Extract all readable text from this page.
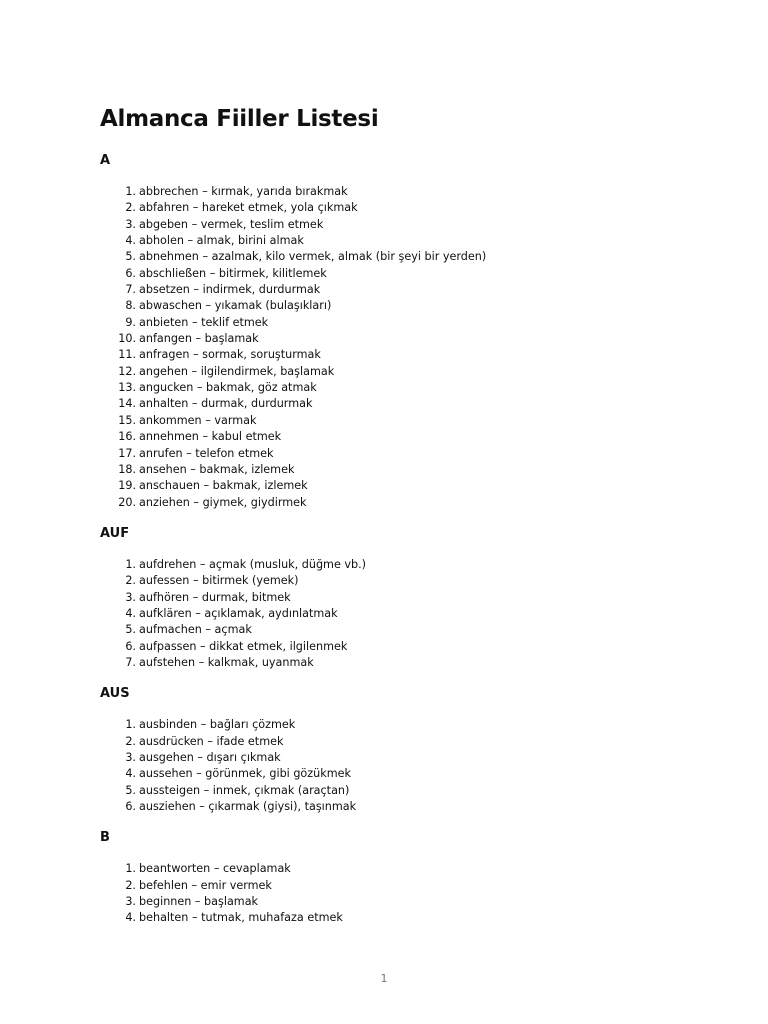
Almanca Fiiller Listesi
A
1. abbrechen – kırmak, yarıda bırakmak
2. abfahren – hareket etmek, yola çıkmak
3. abgeben – vermek, teslim etmek
4. abholen – almak, birini almak
5. abnehmen – azalmak, kilo vermek, almak (bir şeyi bir yerden)
6. abschließen – bitirmek, kilitlemek
7. absetzen – indirmek, durdurmak
8. abwaschen – yıkamak (bulaşıkları)
9. anbieten – teklif etmek
10. anfangen – başlamak
11. anfragen – sormak, soruşturmak
12. angehen – ilgilendirmek, başlamak
13. angucken – bakmak, göz atmak
14. anhalten – durmak, durdurmak
15. ankommen – varmak
16. annehmen – kabul etmek
17. anrufen – telefon etmek
18. ansehen – bakmak, izlemek
19. anschauen – bakmak, izlemek
20. anziehen – giymek, giydirmek
AUF
1. aufdrehen – açmak (musluk, düğme vb.)
2. aufessen – bitirmek (yemek)
3. aufhören – durmak, bitmek
4. aufklären – açıklamak, aydınlatmak
5. aufmachen – açmak
6. aufpassen – dikkat etmek, ilgilenmek
7. aufstehen – kalkmak, uyanmak
AUS
1. ausbinden – bağları çözmek
2. ausdrücken – ifade etmek
3. ausgehen – dışarı çıkmak
4. aussehen – görünmek, gibi gözükmek
5. aussteigen – inmek, çıkmak (araçtan)
6. ausziehen – çıkarmak (giysi), taşınmak
B
1. beantworten – cevaplamak
2. befehlen – emir vermek
3. beginnen – başlamak
4. behalten – tutmak, muhafaza etmek
1
